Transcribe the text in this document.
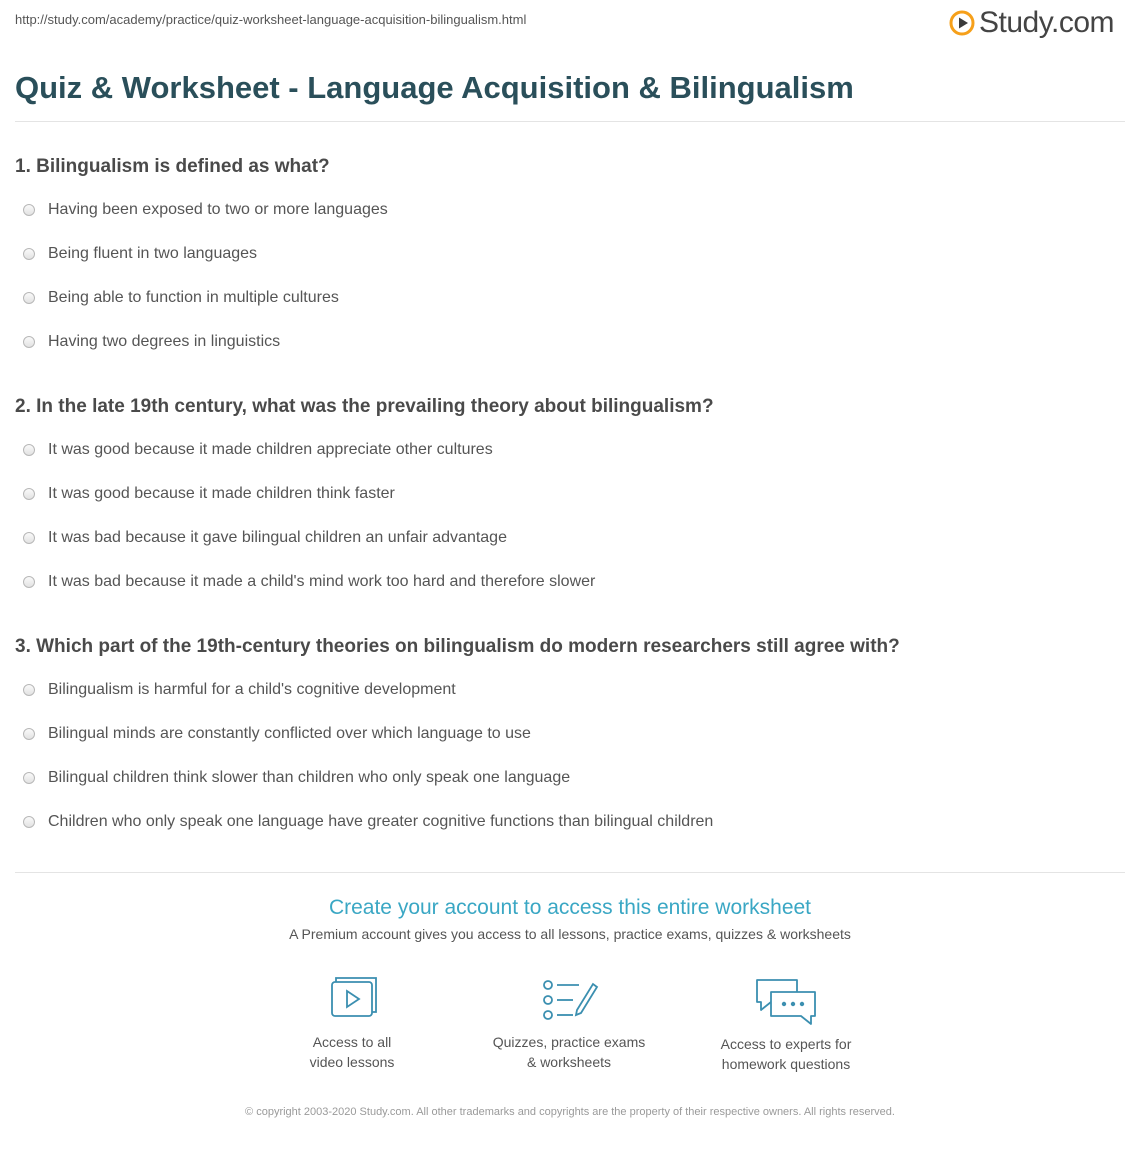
http://study.com/academy/practice/quiz-worksheet-language-acquisition-bilingualism.html	Study.com
Quiz & Worksheet - Language Acquisition & Bilingualism
1. Bilingualism is defined as what?
Having been exposed to two or more languages
Being fluent in two languages
Being able to function in multiple cultures
Having two degrees in linguistics
2. In the late 19th century, what was the prevailing theory about bilingualism?
It was good because it made children appreciate other cultures
It was good because it made children think faster
It was bad because it gave bilingual children an unfair advantage
It was bad because it made a child's mind work too hard and therefore slower
3. Which part of the 19th-century theories on bilingualism do modern researchers still agree with?
Bilingualism is harmful for a child's cognitive development
Bilingual minds are constantly conflicted over which language to use
Bilingual children think slower than children who only speak one language
Children who only speak one language have greater cognitive functions than bilingual children
Create your account to access this entire worksheet
A Premium account gives you access to all lessons, practice exams, quizzes & worksheets
Access to all
video lessons
Quizzes, practice exams
& worksheets
Access to experts for
homework questions
© copyright 2003-2020 Study.com. All other trademarks and copyrights are the property of their respective owners. All rights reserved.
